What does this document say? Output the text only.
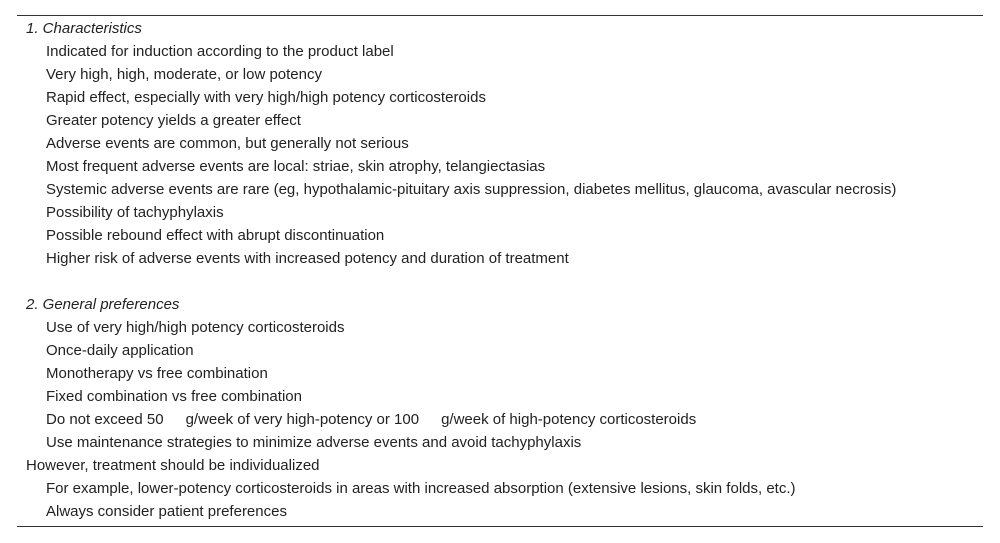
1. Characteristics
Indicated for induction according to the product label
Very high, high, moderate, or low potency
Rapid effect, especially with very high/high potency corticosteroids
Greater potency yields a greater effect
Adverse events are common, but generally not serious
Most frequent adverse events are local: striae, skin atrophy, telangiectasias
Systemic adverse events are rare (eg, hypothalamic-pituitary axis suppression, diabetes mellitus, glaucoma, avascular necrosis)
Possibility of tachyphylaxis
Possible rebound effect with abrupt discontinuation
Higher risk of adverse events with increased potency and duration of treatment
2. General preferences
Use of very high/high potency corticosteroids
Once-daily application
Monotherapy vs free combination
Fixed combination vs free combination
Do not exceed 50 g/week of very high-potency or 100 g/week of high-potency corticosteroids
Use maintenance strategies to minimize adverse events and avoid tachyphylaxis
However, treatment should be individualized
For example, lower-potency corticosteroids in areas with increased absorption (extensive lesions, skin folds, etc.)
Always consider patient preferences
